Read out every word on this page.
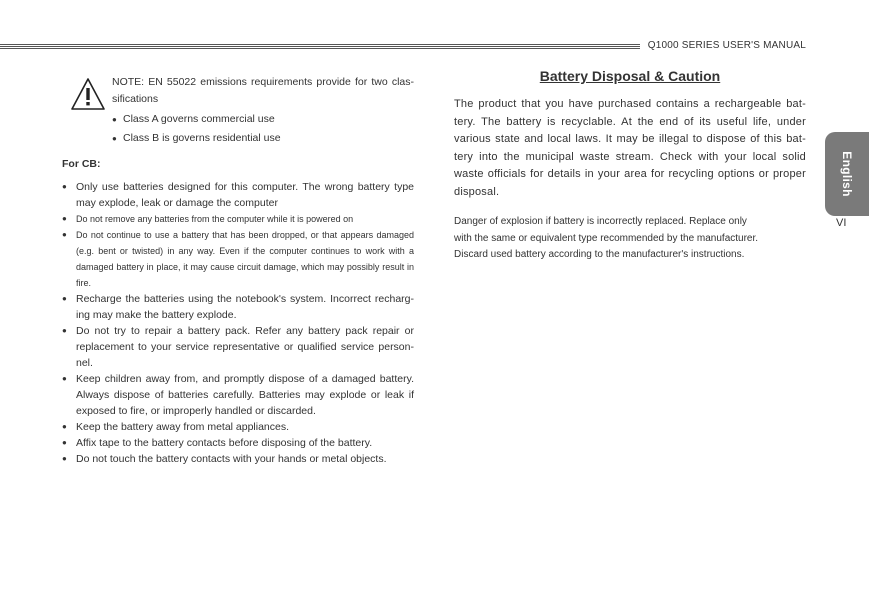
Q1000 SERIES USER'S MANUAL
English
VI
NOTE: EN 55022 emissions requirements provide for two clas-sifications
● Class A governs commercial use
● Class B is governs residential use
For CB:
● Only use batteries designed for this computer. The wrong battery type may explode, leak or damage the computer
● Do not remove any batteries from the computer while it is powered on
● Do not continue to use a battery that has been dropped, or that appears damaged (e.g. bent or twisted) in any way. Even if the computer continues to work with a damaged battery in place, it may cause circuit damage, which may possibly result in fire.
● Recharge the batteries using the notebook's system. Incorrect recharg-ing may make the battery explode.
● Do not try to repair a battery pack. Refer any battery pack repair or replacement to your service representative or qualified service person-nel.
● Keep children away from, and promptly dispose of a damaged battery. Always dispose of batteries carefully. Batteries may explode or leak if exposed to fire, or improperly handled or discarded.
● Keep the battery away from metal appliances.
● Affix tape to the battery contacts before disposing of the battery.
● Do not touch the battery contacts with your hands or metal objects.
Battery Disposal & Caution
The product that you have purchased contains a rechargeable bat-tery. The battery is recyclable. At the end of its useful life, under various state and local laws. It may be illegal to dispose of this bat-tery into the municipal waste stream. Check with your local solid waste officials for details in your area for recycling options or proper disposal.
Danger of explosion if battery is incorrectly replaced. Replace only
with the same or equivalent type recommended by the manufacturer.
Discard used battery according to the manufacturer's instructions.
